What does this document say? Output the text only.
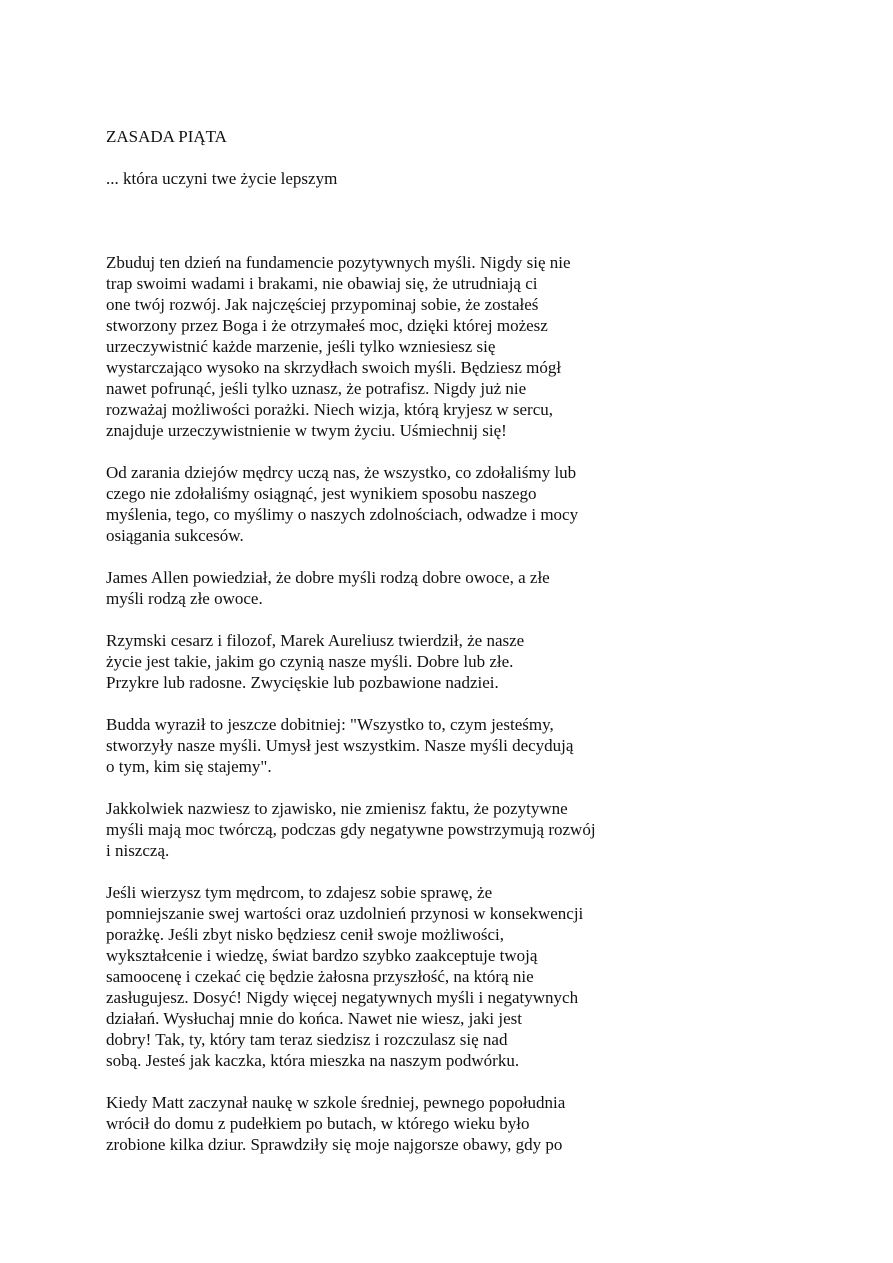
ZASADA PIĄTA

... która uczyni twe życie lepszym

Zbuduj ten dzień na fundamencie pozytywnych myśli. Nigdy się nie
trap swoimi wadami i brakami, nie obawiaj się, że utrudniają ci
one twój rozwój. Jak najczęściej przypominaj sobie, że zostałeś
stworzony przez Boga i że otrzymałeś moc, dzięki której możesz
urzeczywistnić każde marzenie, jeśli tylko wzniesiesz się
wystarczająco wysoko na skrzydłach swoich myśli. Będziesz mógł
nawet pofrunąć, jeśli tylko uznasz, że potrafisz. Nigdy już nie
rozważaj możliwości porażki. Niech wizja, którą kryjesz w sercu,
znajduje urzeczywistnienie w twym życiu. Uśmiechnij się!

Od zarania dziejów mędrcy uczą nas, że wszystko, co zdołaliśmy lub
czego nie zdołaliśmy osiągnąć, jest wynikiem sposobu naszego
myślenia, tego, co myślimy o naszych zdolnościach, odwadze i mocy
osiągania sukcesów.

James Allen powiedział, że dobre myśli rodzą dobre owoce, a złe
myśli rodzą złe owoce.

Rzymski cesarz i filozof, Marek Aureliusz twierdził, że nasze
życie jest takie, jakim go czynią nasze myśli. Dobre lub złe.
Przykre lub radosne. Zwycięskie lub pozbawione nadziei.

Budda wyraził to jeszcze dobitniej: "Wszystko to, czym jesteśmy,
stworzyły nasze myśli. Umysł jest wszystkim. Nasze myśli decydują
o tym, kim się stajemy".

Jakkolwiek nazwiesz to zjawisko, nie zmienisz faktu, że pozytywne
myśli mają moc twórczą, podczas gdy negatywne powstrzymują rozwój
i niszczą.

Jeśli wierzysz tym mędrcom, to zdajesz sobie sprawę, że
pomniejszanie swej wartości oraz uzdolnień przynosi w konsekwencji
porażkę. Jeśli zbyt nisko będziesz cenił swoje możliwości,
wykształcenie i wiedzę, świat bardzo szybko zaakceptuje twoją
samoocenę i czekać cię będzie żałosna przyszłość, na którą nie
zasługujesz. Dosyć! Nigdy więcej negatywnych myśli i negatywnych
działań. Wysłuchaj mnie do końca. Nawet nie wiesz, jaki jest
dobry! Tak, ty, który tam teraz siedzisz i rozczulasz się nad
sobą. Jesteś jak kaczka, która mieszka na naszym podwórku.

Kiedy Matt zaczynał naukę w szkole średniej, pewnego popołudnia
wrócił do domu z pudełkiem po butach, w którego wieku było
zrobione kilka dziur. Sprawdziły się moje najgorsze obawy, gdy po
